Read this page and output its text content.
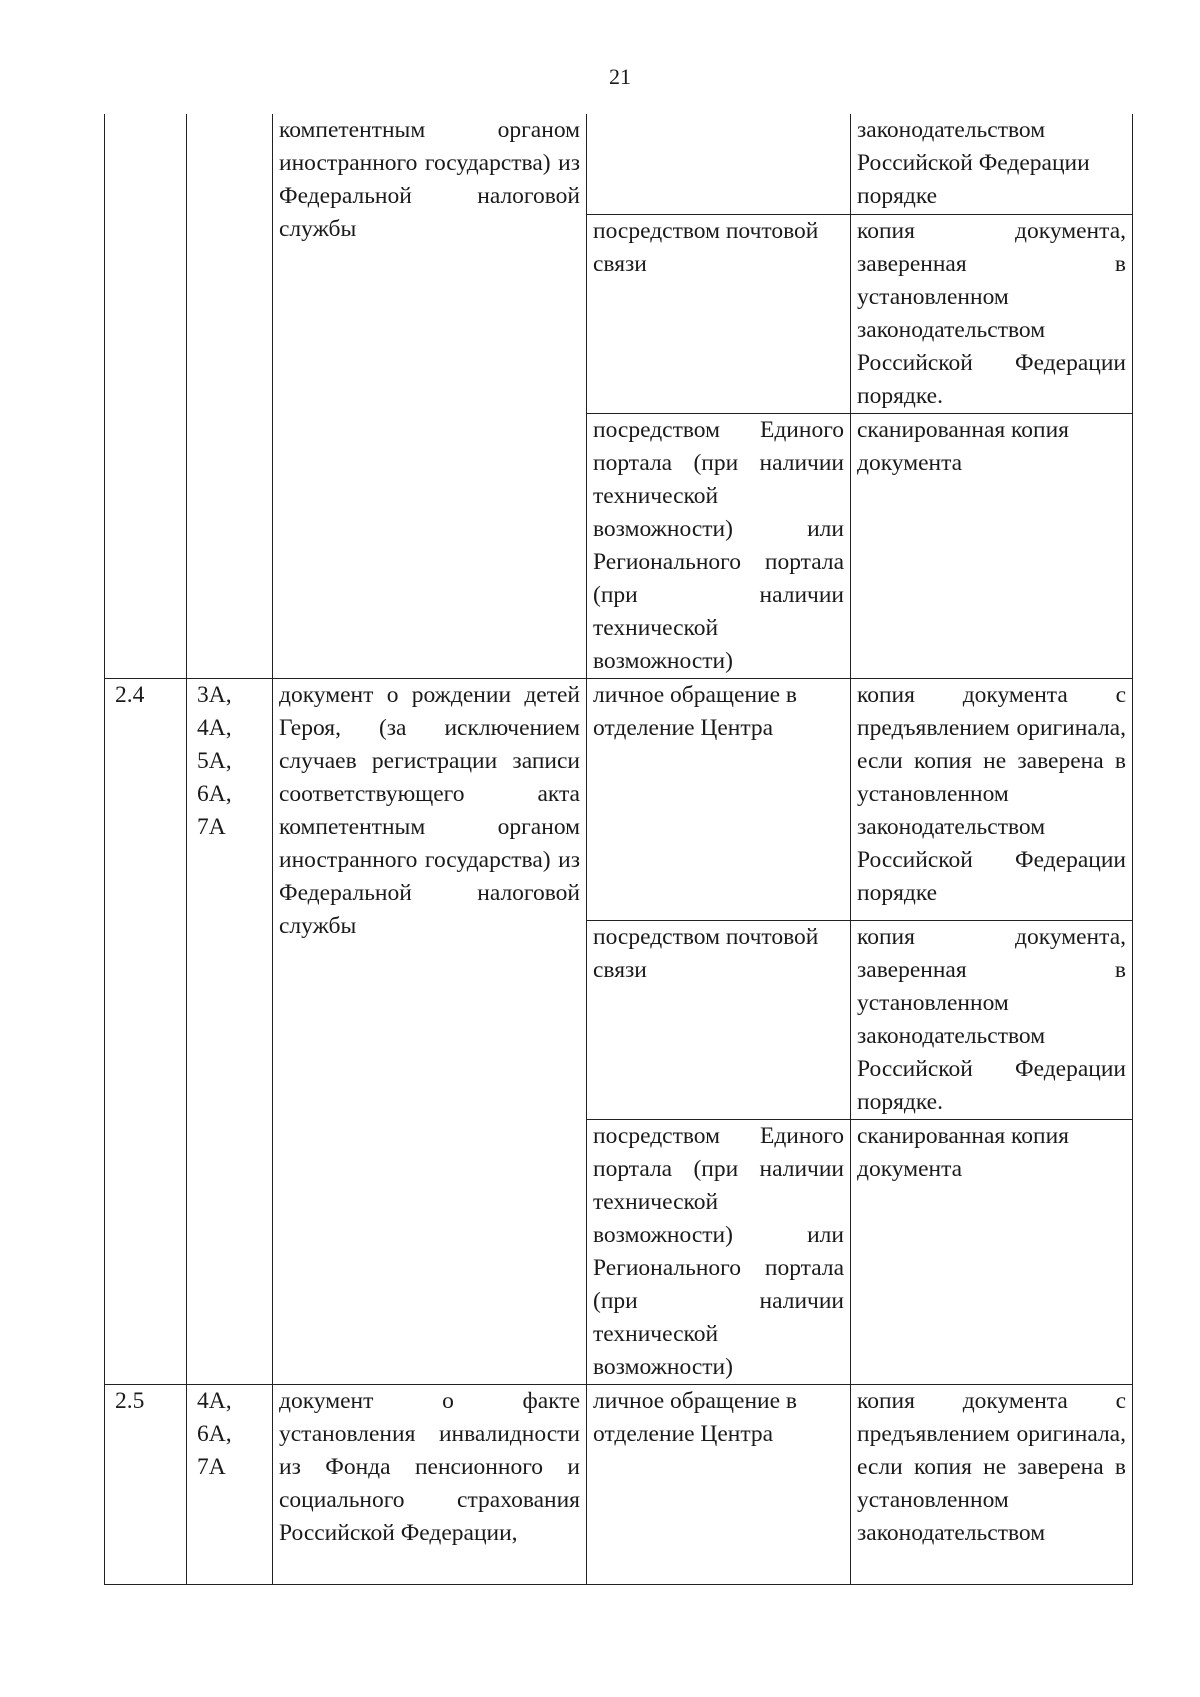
21
		компетентным органом иностранного государства) из Федеральной налоговой службы		законодательством Российской Федерации порядке
			посредством почтовой связи	копия документа, заверенная в установленном законодательством Российской Федерации порядке.
			посредством Единого портала (при наличии технической возможности) или Регионального портала (при наличии технической возможности)	сканированная копия документа
2.4	3А,
4А,
5А,
6А,
7А	документ о рождении детей Героя, (за исключением случаев регистрации записи соответствующего акта компетентным органом иностранного государства) из Федеральной налоговой службы	личное обращение в отделение Центра	копия документа с предъявлением оригинала, если копия не заверена в установленном законодательством Российской Федерации порядке
			посредством почтовой связи	копия документа, заверенная в установленном законодательством Российской Федерации порядке.
			посредством Единого портала (при наличии технической возможности) или Регионального портала (при наличии технической возможности)	сканированная копия документа
2.5	4А,
6А,
7А	документ о факте установления инвалидности из Фонда пенсионного и социального страхования Российской Федерации,	личное обращение в отделение Центра	копия документа с предъявлением оригинала, если копия не заверена в установленном законодательством
